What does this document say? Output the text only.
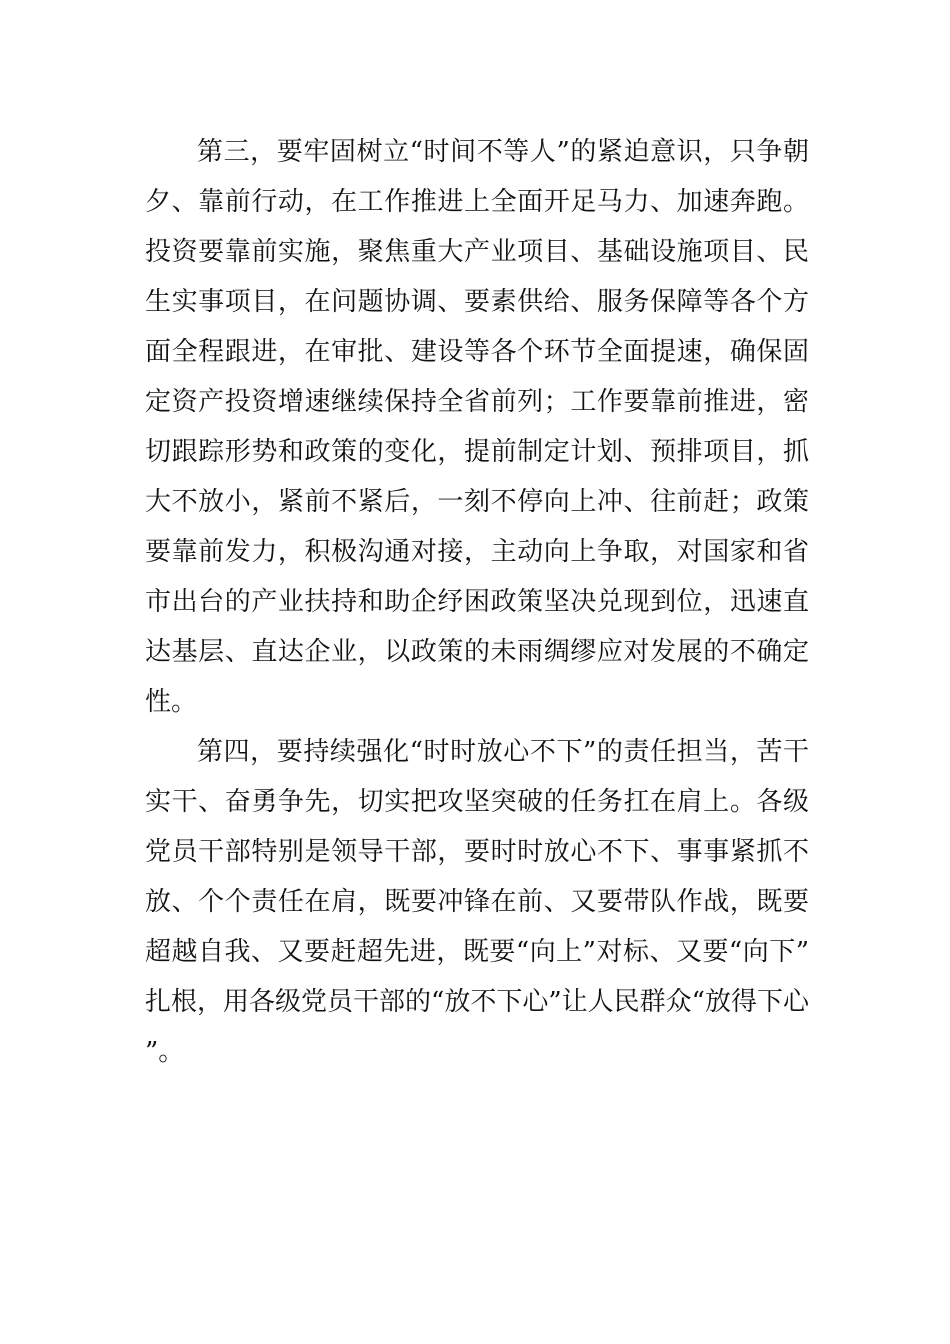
第三，要牢固树立“时间不等人”的紧迫意识，只争朝夕、靠前行动，在工作推进上全面开足马力、加速奔跑。投资要靠前实施，聚焦重大产业项目、基础设施项目、民生实事项目，在问题协调、要素供给、服务保障等各个方面全程跟进，在审批、建设等各个环节全面提速，确保固定资产投资增速继续保持全省前列；工作要靠前推进，密切跟踪形势和政策的变化，提前制定计划、预排项目，抓大不放小，紧前不紧后，一刻不停向上冲、往前赶；政策要靠前发力，积极沟通对接，主动向上争取，对国家和省市出台的产业扶持和助企纾困政策坚决兑现到位，迅速直达基层、直达企业，以政策的未雨绸缪应对发展的不确定性。

第四，要持续强化“时时放心不下”的责任担当，苦干实干、奋勇争先，切实把攻坚突破的任务扛在肩上。各级党员干部特别是领导干部，要时时放心不下、事事紧抓不放、个个责任在肩，既要冲锋在前、又要带队作战，既要超越自我、又要赶超先进，既要“向上”对标、又要“向下”扎根，用各级党员干部的“放不下心”让人民群众“放得下心”。
